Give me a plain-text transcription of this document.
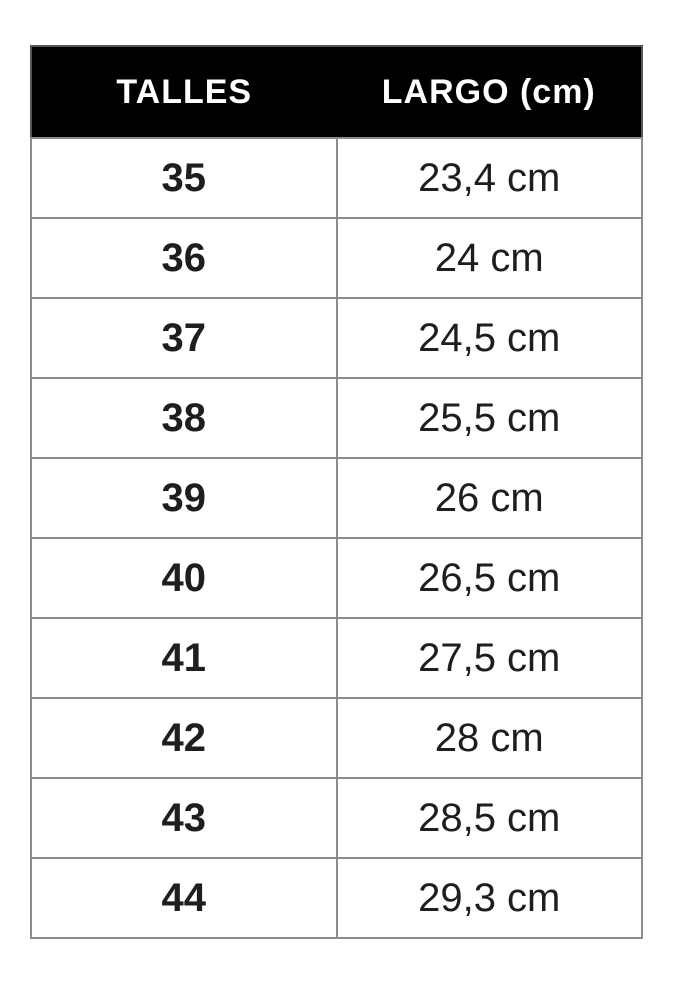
TALLES	LARGO (cm)
35	23,4 cm
36	24 cm
37	24,5 cm
38	25,5 cm
39	26 cm
40	26,5 cm
41	27,5 cm
42	28 cm
43	28,5 cm
44	29,3 cm
